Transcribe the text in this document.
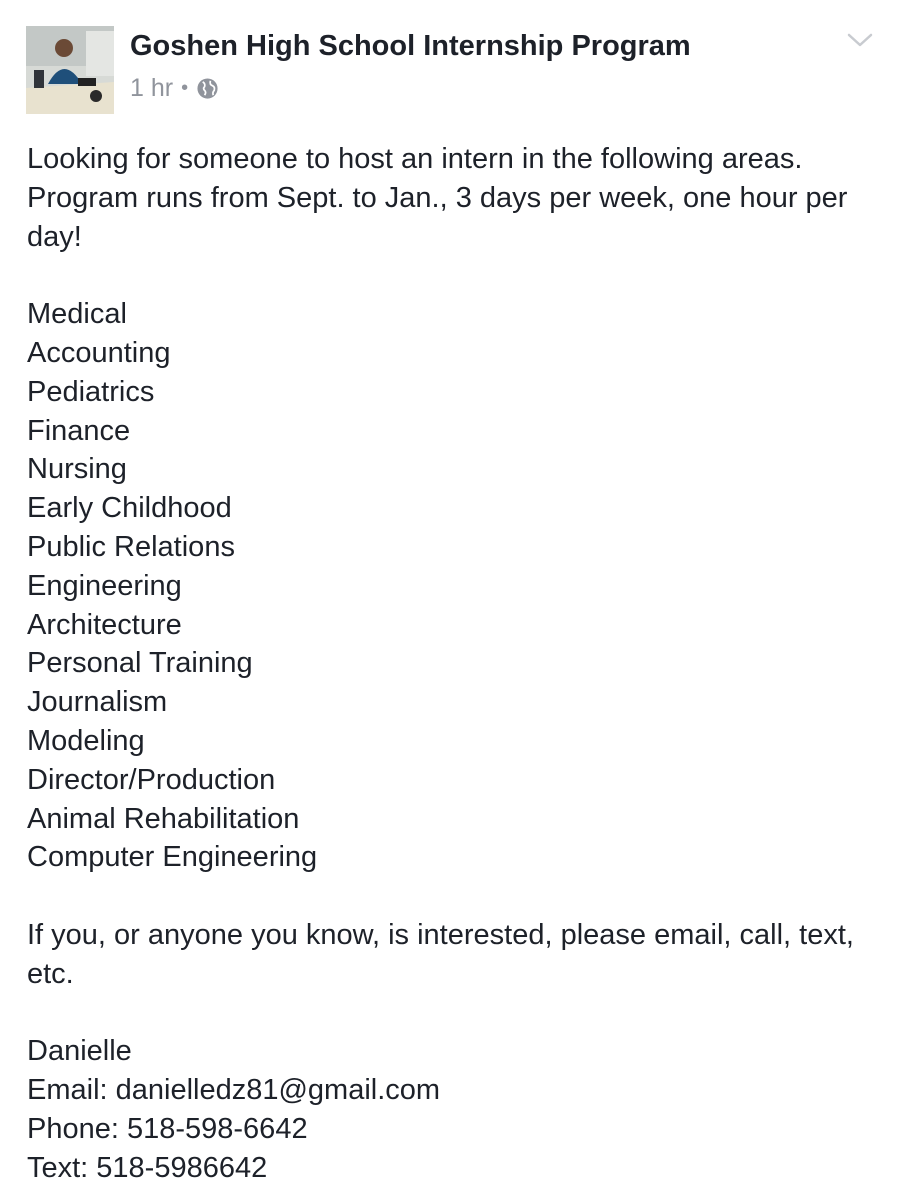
Goshen High School Internship Program
1 hr •

Looking for someone to host an intern in the following areas. Program runs from Sept. to Jan., 3 days per week, one hour per day!

Medical
Accounting
Pediatrics
Finance
Nursing
Early Childhood
Public Relations
Engineering
Architecture
Personal Training
Journalism
Modeling
Director/Production
Animal Rehabilitation
Computer Engineering

If you, or anyone you know, is interested, please email, call, text, etc.

Danielle

Email: danielledz81@gmail.com

Phone: 518-598-6642

Text: 518-5986642
